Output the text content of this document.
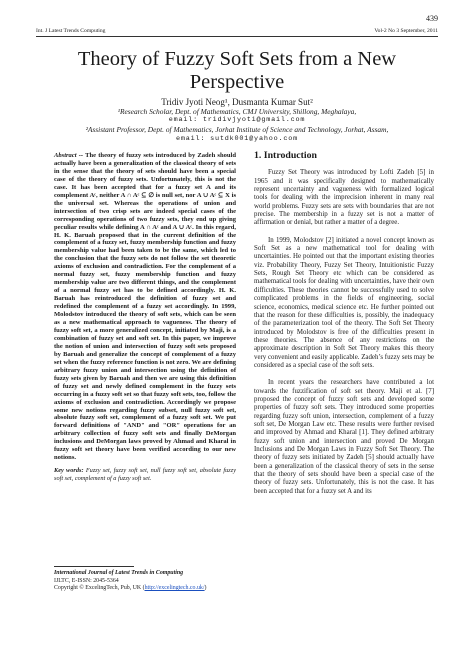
439
Int. J Latest Trends Computing	Vol-2 No 3 September, 2011
Theory of Fuzzy Soft Sets from a New Perspective
Tridiv Jyoti Neog¹, Dusmanta Kumar Sut²
¹Research Scholar, Dept. of Mathematics, CMJ University, Shillong, Meghalaya,
email: tridivjyoti@gmail.com
²Assistant Professor, Dept. of Mathematics, Jorhat Institute of Science and Technology, Jorhat, Assam,
email: sutdk001@yahoo.com

Abstract -- The theory of fuzzy sets introduced by Zadeh should actually have been a generalization of the classical theory of sets in the sense that the theory of sets should have been a special case of the theory of fuzzy sets. Unfortunately, this is not the case. It has been accepted that for a fuzzy set A and its complement Aᶜ, neither A ∩ Aᶜ ⊆ ∅ is null set, nor A ∪ Aᶜ ⊆ X is the universal set. Whereas the operations of union and intersection of two crisp sets are indeed special cases of the corresponding operations of two fuzzy sets, they end up giving peculiar results while defining A ∩ Aᶜ and A ∪ Aᶜ. In this regard, H. K. Baruah proposed that in the current definition of the complement of a fuzzy set, fuzzy membership function and fuzzy membership value had been taken to be the same, which led to the conclusion that the fuzzy sets do not follow the set theoretic axioms of exclusion and contradiction. For the complement of a normal fuzzy set, fuzzy membership function and fuzzy membership value are two different things, and the complement of a normal fuzzy set has to be defined accordingly. H. K. Baruah has reintroduced the definition of fuzzy set and redefined the complement of a fuzzy set accordingly. In 1999, Molodstov introduced the theory of soft sets, which can be seen as a new mathematical approach to vagueness. The theory of fuzzy soft set, a more generalized concept, initiated by Maji, is a combination of fuzzy set and soft set. In this paper, we improve the notion of union and intersection of fuzzy soft sets proposed by Baruah and generalize the concept of complement of a fuzzy set when the fuzzy reference function is not zero. We are defining arbitrary fuzzy union and intersection using the definition of fuzzy sets given by Baruah and then we are using this definition of fuzzy set and newly defined complement in the fuzzy sets occurring in a fuzzy soft set so that fuzzy soft sets, too, follow the axioms of exclusion and contradiction. Accordingly we propose some new notions regarding fuzzy subset, null fuzzy soft set, absolute fuzzy soft set, complement of a fuzzy soft set. We put forward definitions of "AND" and "OR" operations for an arbitrary collection of fuzzy soft sets and finally DeMorgan inclusions and DeMorgan laws proved by Ahmad and Kharal in fuzzy soft set theory have been verified according to our new notions.

Key words: Fuzzy set, fuzzy soft set, null fuzzy soft set, absolute fuzzy soft set, complement of a fuzzy soft set.
International Journal of Latest Trends in Computing
IJLTC, E-ISSN: 2045-5364
Copyright © ExcelingTech, Pub, UK (http://excelingtech.co.uk/)
1. Introduction

Fuzzy Set Theory was introduced by Lofti Zadeh [5] in 1965 and it was specifically designed to mathematically represent uncertainty and vagueness with formalized logical tools for dealing with the imprecision inherent in many real world problems. Fuzzy sets are sets with boundaries that are not precise. The membership in a fuzzy set is not a matter of affirmation or denial, but rather a matter of a degree.

In 1999, Molodstov [2] initiated a novel concept known as Soft Set as a new mathematical tool for dealing with uncertainties. He pointed out that the important existing theories viz. Probability Theory, Fuzzy Set Theory, Intuitionistic Fuzzy Sets, Rough Set Theory etc which can be considered as mathematical tools for dealing with uncertainties, have their own difficulties. These theories cannot be successfully used to solve complicated problems in the fields of engineering, social science, economics, medical science etc. He further pointed out that the reason for these difficulties is, possibly, the inadequacy of the parameterization tool of the theory. The Soft Set Theory introduced by Molodstov is free of the difficulties present in these theories. The absence of any restrictions on the approximate description in Soft Set Theory makes this theory very convenient and easily applicable. Zadeh’s fuzzy sets may be considered as a special case of the soft sets.

In recent years the researchers have contributed a lot towards the fuzzification of soft set theory. Maji et al. [7] proposed the concept of fuzzy soft sets and developed some properties of fuzzy soft sets. They introduced some properties regarding fuzzy soft union, intersection, complement of a fuzzy soft set, De Morgan Law etc. These results were further revised and improved by Ahmad and Kharal [1]. They defined arbitrary fuzzy soft union and intersection and proved De Morgan Inclusions and De Morgan Laws in Fuzzy Soft Set Theory. The theory of fuzzy sets initiated by Zadeh [5] should actually have been a generalization of the classical theory of sets in the sense that the theory of sets should have been a special case of the theory of fuzzy sets. Unfortunately, this is not the case. It has been accepted that for a fuzzy set A and its
